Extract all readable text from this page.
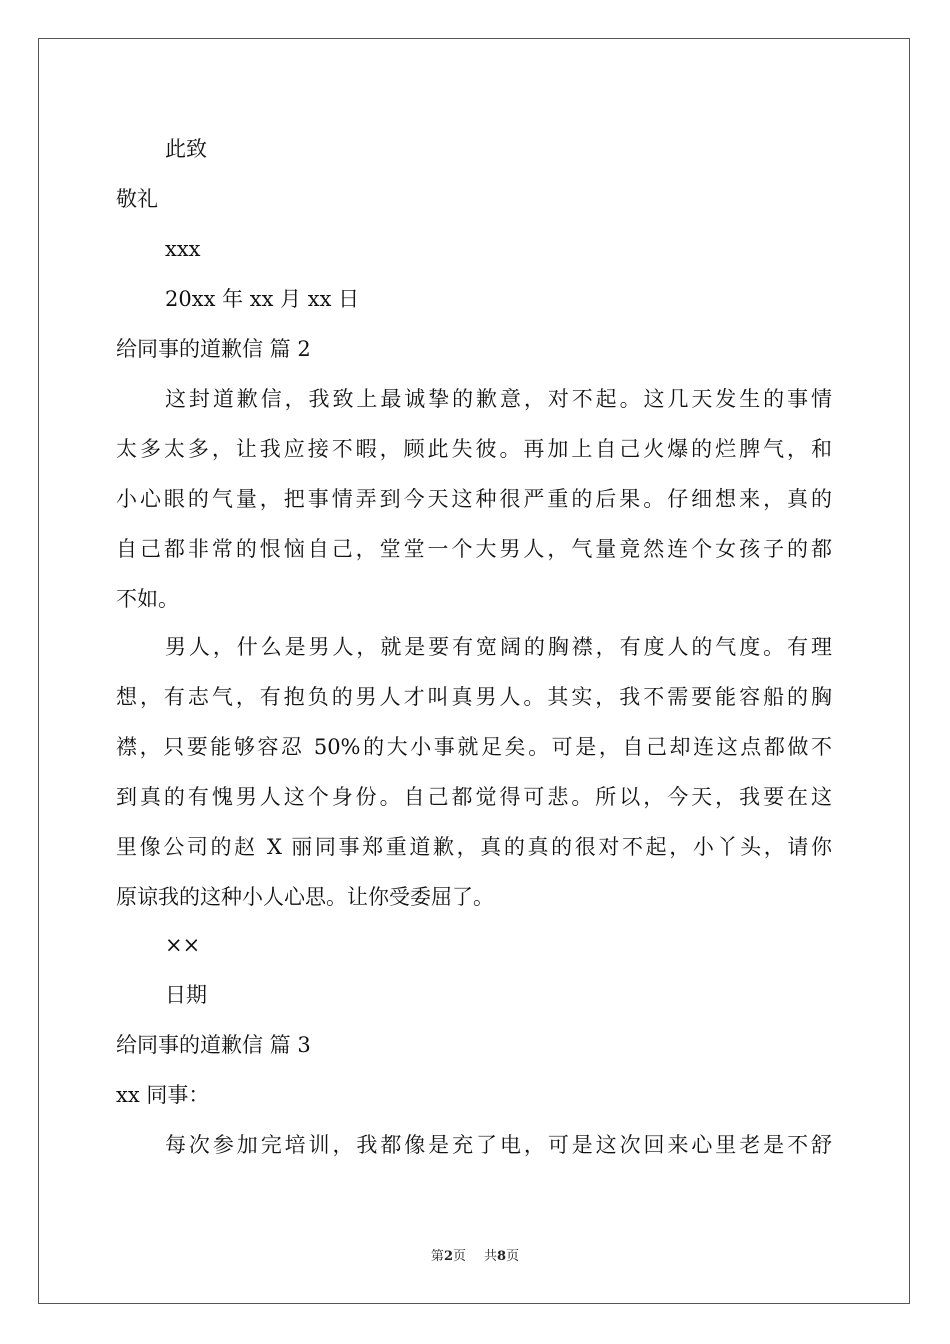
此致
敬礼
xxx
20xx 年 xx 月 xx 日
给同事的道歉信 篇 2
这封道歉信，我致上最诚挚的歉意，对不起。这几天发生的事情
太多太多，让我应接不暇，顾此失彼。再加上自己火爆的烂脾气，和
小心眼的气量，把事情弄到今天这种很严重的后果。仔细想来，真的
自己都非常的恨恼自己，堂堂一个大男人，气量竟然连个女孩子的都
不如。
男人，什么是男人，就是要有宽阔的胸襟，有度人的气度。有理
想，有志气，有抱负的男人才叫真男人。其实，我不需要能容船的胸
襟，只要能够容忍 50%的大小事就足矣。可是，自己却连这点都做不
到真的有愧男人这个身份。自己都觉得可悲。所以，今天，我要在这
里像公司的赵 X 丽同事郑重道歉，真的真的很对不起，小丫头，请你
原谅我的这种小人心思。让你受委屈了。
××
日期
给同事的道歉信 篇 3
xx 同事：
每次参加完培训，我都像是充了电，可是这次回来心里老是不舒
第2页 共8页
